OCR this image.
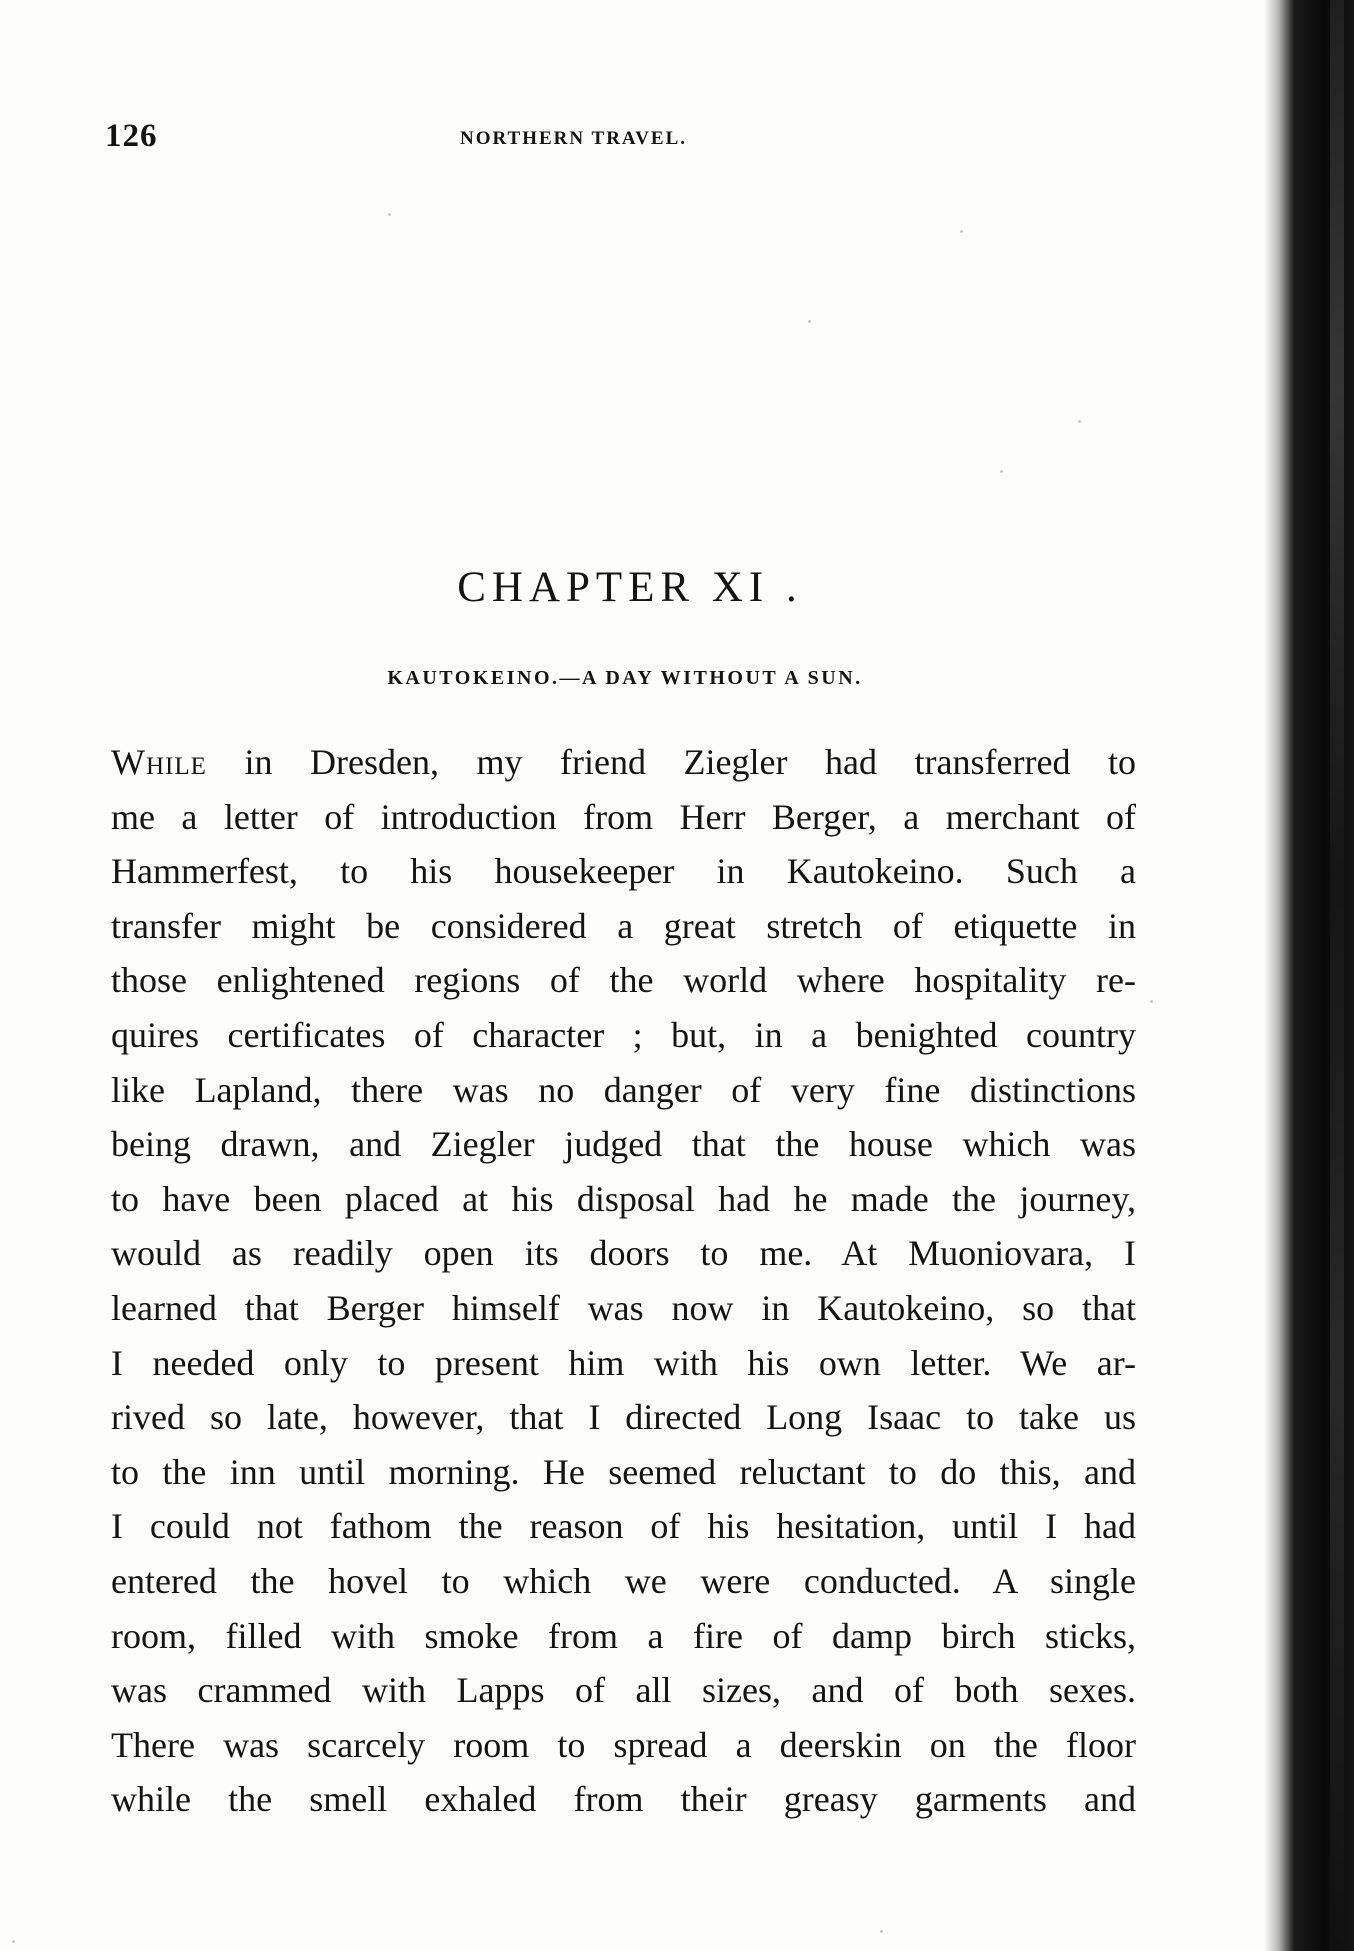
126	NORTHERN TRAVEL.
CHAPTER XI .
KAUTOKEINO.—A DAY WITHOUT A SUN.
While in Dresden, my friend Ziegler had transferred to
me a letter of introduction from Herr Berger, a merchant of
Hammerfest, to his housekeeper in Kautokeino. Such a
transfer might be considered a great stretch of etiquette in
those enlightened regions of the world where hospitality re-
quires certificates of character ; but, in a benighted country
like Lapland, there was no danger of very fine distinctions
being drawn, and Ziegler judged that the house which was
to have been placed at his disposal had he made the journey,
would as readily open its doors to me. At Muoniovara, I
learned that Berger himself was now in Kautokeino, so that
I needed only to present him with his own letter. We ar-
rived so late, however, that I directed Long Isaac to take us
to the inn until morning. He seemed reluctant to do this, and
I could not fathom the reason of his hesitation, until I had
entered the hovel to which we were conducted. A single
room, filled with smoke from a fire of damp birch sticks,
was crammed with Lapps of all sizes, and of both sexes.
There was scarcely room to spread a deerskin on the floor
while the smell exhaled from their greasy garments and
